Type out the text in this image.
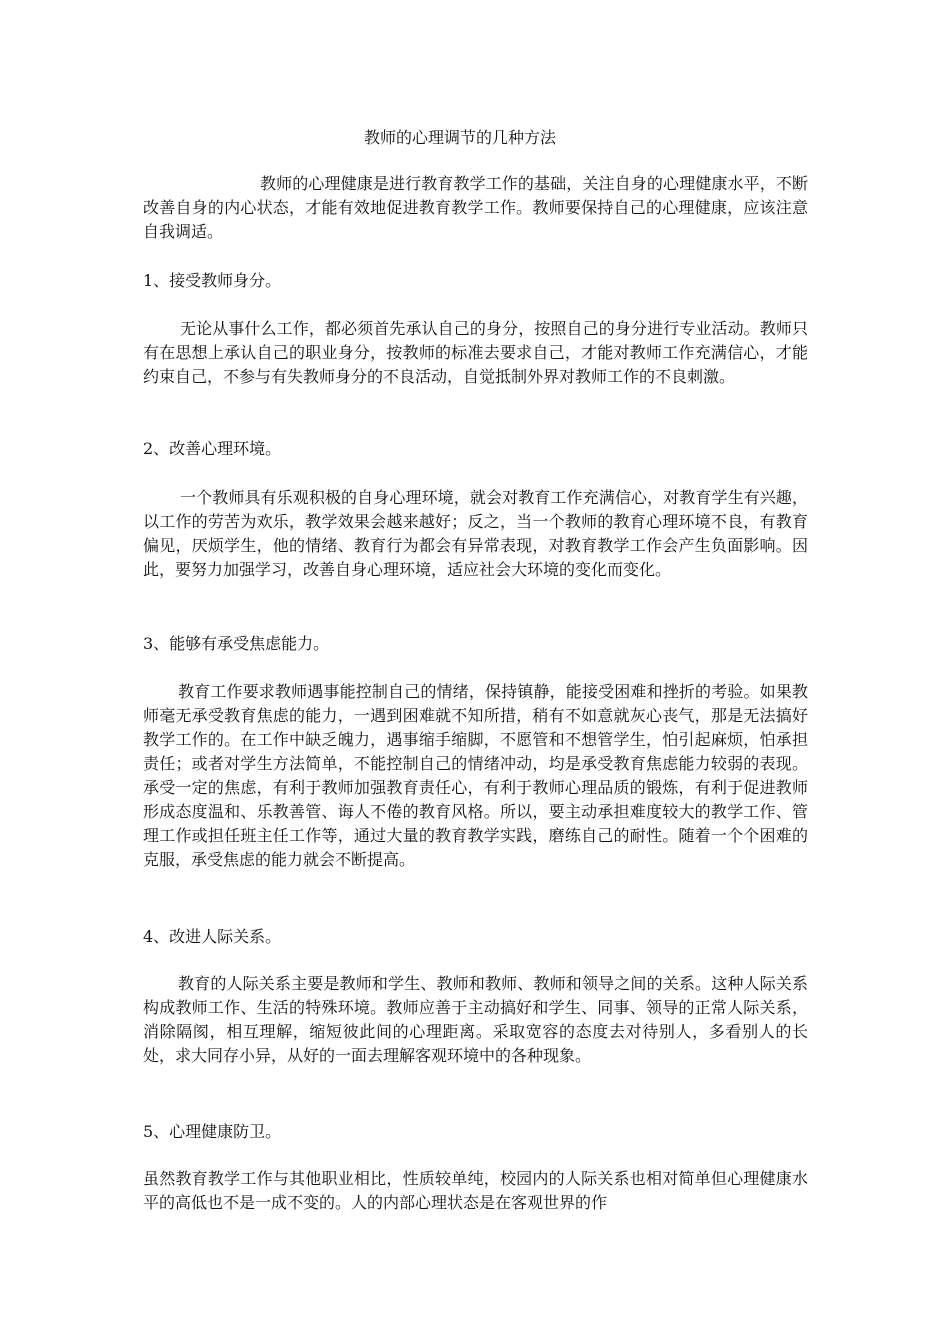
教师的心理调节的几种方法

教师的心理健康是进行教育教学工作的基础，关注自身的心理健康水平，不断改善自身的内心状态，才能有效地促进教育教学工作。教师要保持自己的心理健康，应该注意自我调适。

1、接受教师身分。

无论从事什么工作，都必须首先承认自己的身分，按照自己的身分进行专业活动。教师只有在思想上承认自己的职业身分，按教师的标准去要求自己，才能对教师工作充满信心，才能约束自己，不参与有失教师身分的不良活动，自觉抵制外界对教师工作的不良刺激。

2、改善心理环境。

一个教师具有乐观积极的自身心理环境，就会对教育工作充满信心，对教育学生有兴趣，以工作的劳苦为欢乐，教学效果会越来越好；反之，当一个教师的教育心理环境不良，有教育偏见，厌烦学生，他的情绪、教育行为都会有异常表现，对教育教学工作会产生负面影响。因此，要努力加强学习，改善自身心理环境，适应社会大环境的变化而变化。

3、能够有承受焦虑能力。

教育工作要求教师遇事能控制自己的情绪，保持镇静，能接受困难和挫折的考验。如果教师毫无承受教育焦虑的能力，一遇到困难就不知所措，稍有不如意就灰心丧气，那是无法搞好教学工作的。在工作中缺乏魄力，遇事缩手缩脚，不愿管和不想管学生，怕引起麻烦，怕承担责任；或者对学生方法简单，不能控制自己的情绪冲动，均是承受教育焦虑能力较弱的表现。承受一定的焦虑，有利于教师加强教育责任心，有利于教师心理品质的锻炼，有利于促进教师形成态度温和、乐教善管、诲人不倦的教育风格。所以，要主动承担难度较大的教学工作、管理工作或担任班主任工作等，通过大量的教育教学实践，磨练自己的耐性。随着一个个困难的克服，承受焦虑的能力就会不断提高。

4、改进人际关系。

教育的人际关系主要是教师和学生、教师和教师、教师和领导之间的关系。这种人际关系构成教师工作、生活的特殊环境。教师应善于主动搞好和学生、同事、领导的正常人际关系，消除隔阂，相互理解，缩短彼此间的心理距离。采取宽容的态度去对待别人，多看别人的长处，求大同存小异，从好的一面去理解客观环境中的各种现象。

5、心理健康防卫。

虽然教育教学工作与其他职业相比，性质较单纯，校园内的人际关系也相对简单但心理健康水平的高低也不是一成不变的。人的内部心理状态是在客观世界的作
